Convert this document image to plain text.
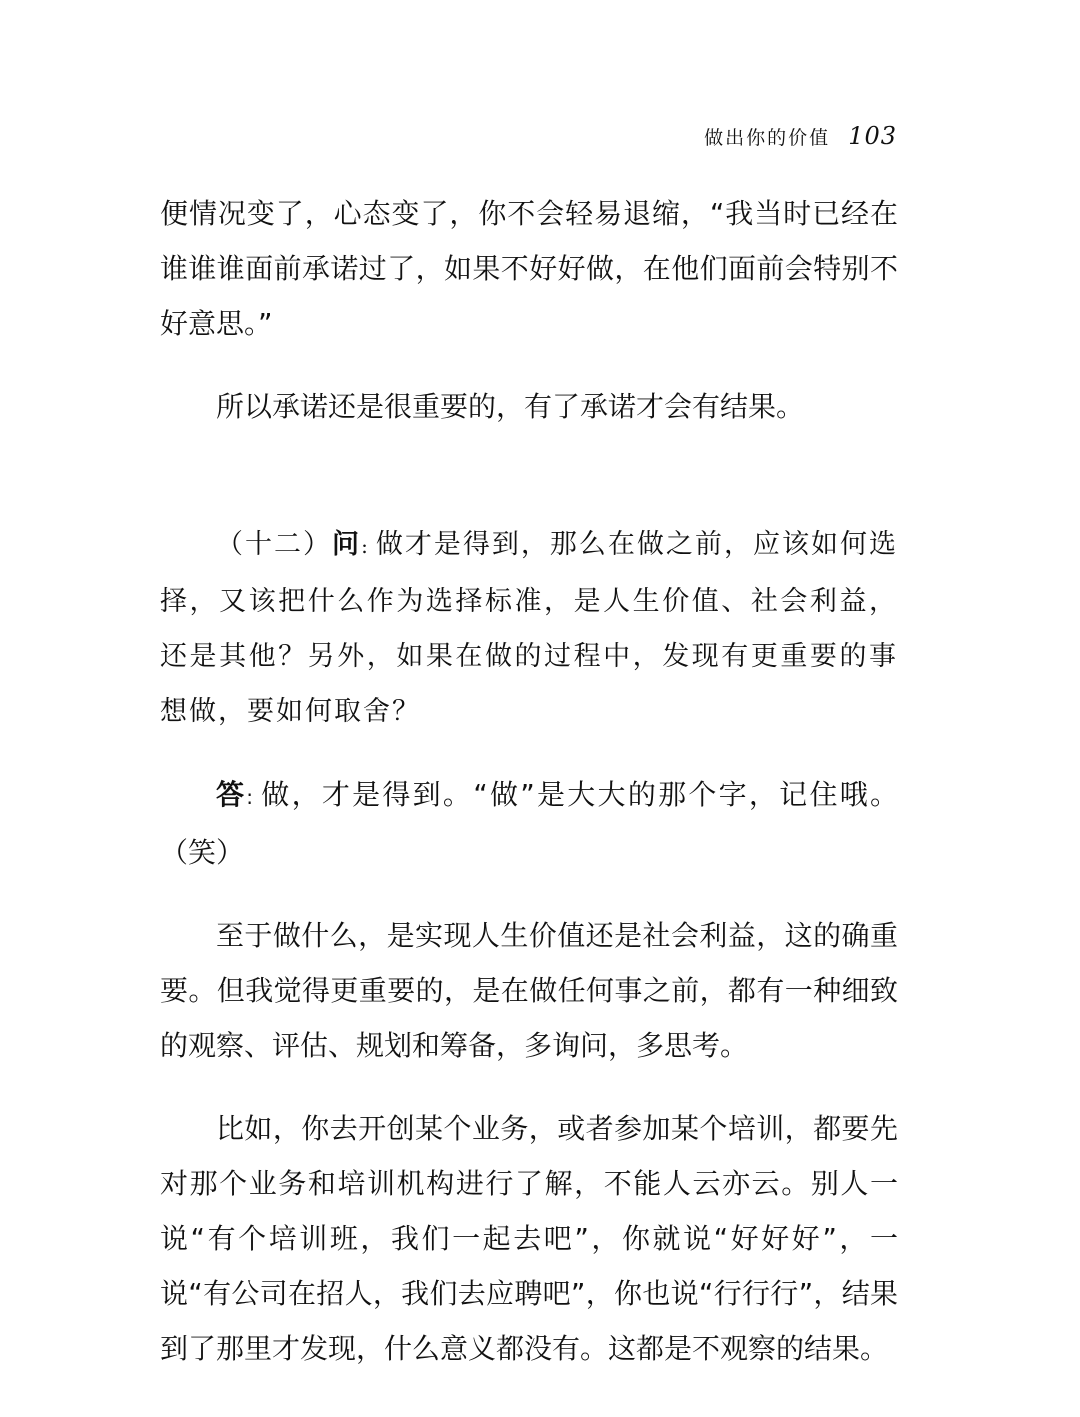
做出你的价值 103

便情况变了，心态变了，你不会轻易退缩，“我当时已经在谁谁谁面前承诺过了，如果不好好做，在他们面前会特别不好意思。”

所以承诺还是很重要的，有了承诺才会有结果。

（十二）问: 做才是得到，那么在做之前，应该如何选择，又该把什么作为选择标准，是人生价值、社会利益，还是其他？另外，如果在做的过程中，发现有更重要的事想做，要如何取舍？

答: 做，才是得到。“做”是大大的那个字，记住哦。（笑）

至于做什么，是实现人生价值还是社会利益，这的确重要。但我觉得更重要的，是在做任何事之前，都有一种细致的观察、评估、规划和筹备，多询问，多思考。

比如，你去开创某个业务，或者参加某个培训，都要先对那个业务和培训机构进行了解，不能人云亦云。别人一说“有个培训班，我们一起去吧”，你就说“好好好”，一说“有公司在招人，我们去应聘吧”，你也说“行行行”，结果到了那里才发现，什么意义都没有。这都是不观察的结果。
